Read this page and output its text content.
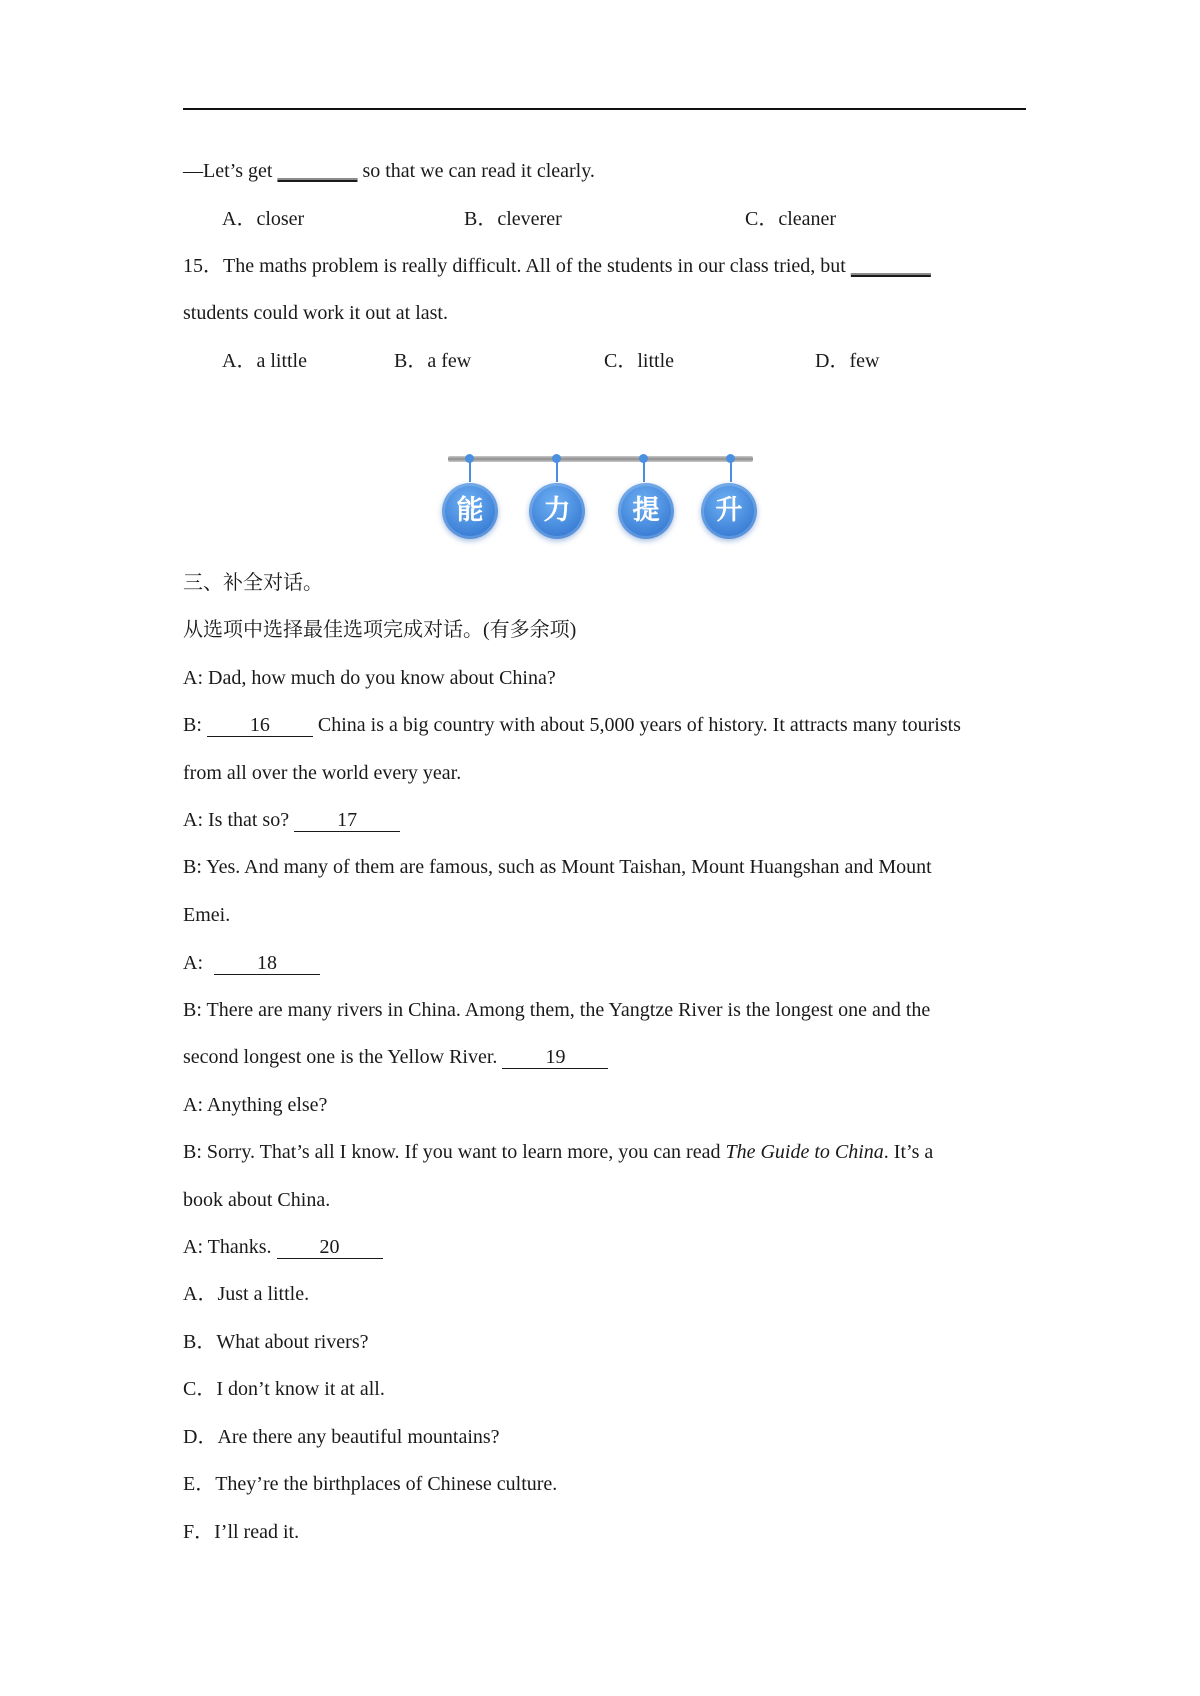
—Let’s get ________ so that we can read it clearly.
A．closer	B．cleverer	C．cleaner
15．The maths problem is really difficult. All of the students in our class tried, but ________
students could work it out at last.
A．a little	B．a few	C．little	D．few
能	力	提	升
三、补全对话。
从选项中选择最佳选项完成对话。(有多余项)
A: Dad, how much do you know about China?
B: 16 China is a big country with about 5,000 years of history. It attracts many tourists
from all over the world every year.
A: Is that so? 17
B: Yes. And many of them are famous, such as Mount Taishan, Mount Huangshan and Mount
Emei.
A: 18
B: There are many rivers in China. Among them, the Yangtze River is the longest one and the
second longest one is the Yellow River. 19
A: Anything else?
B: Sorry. That’s all I know. If you want to learn more, you can read The Guide to China. It’s a
book about China.
A: Thanks. 20
A．Just a little.
B．What about rivers?
C．I don’t know it at all.
D．Are there any beautiful mountains?
E．They’re the birthplaces of Chinese culture.
F．I’ll read it.
